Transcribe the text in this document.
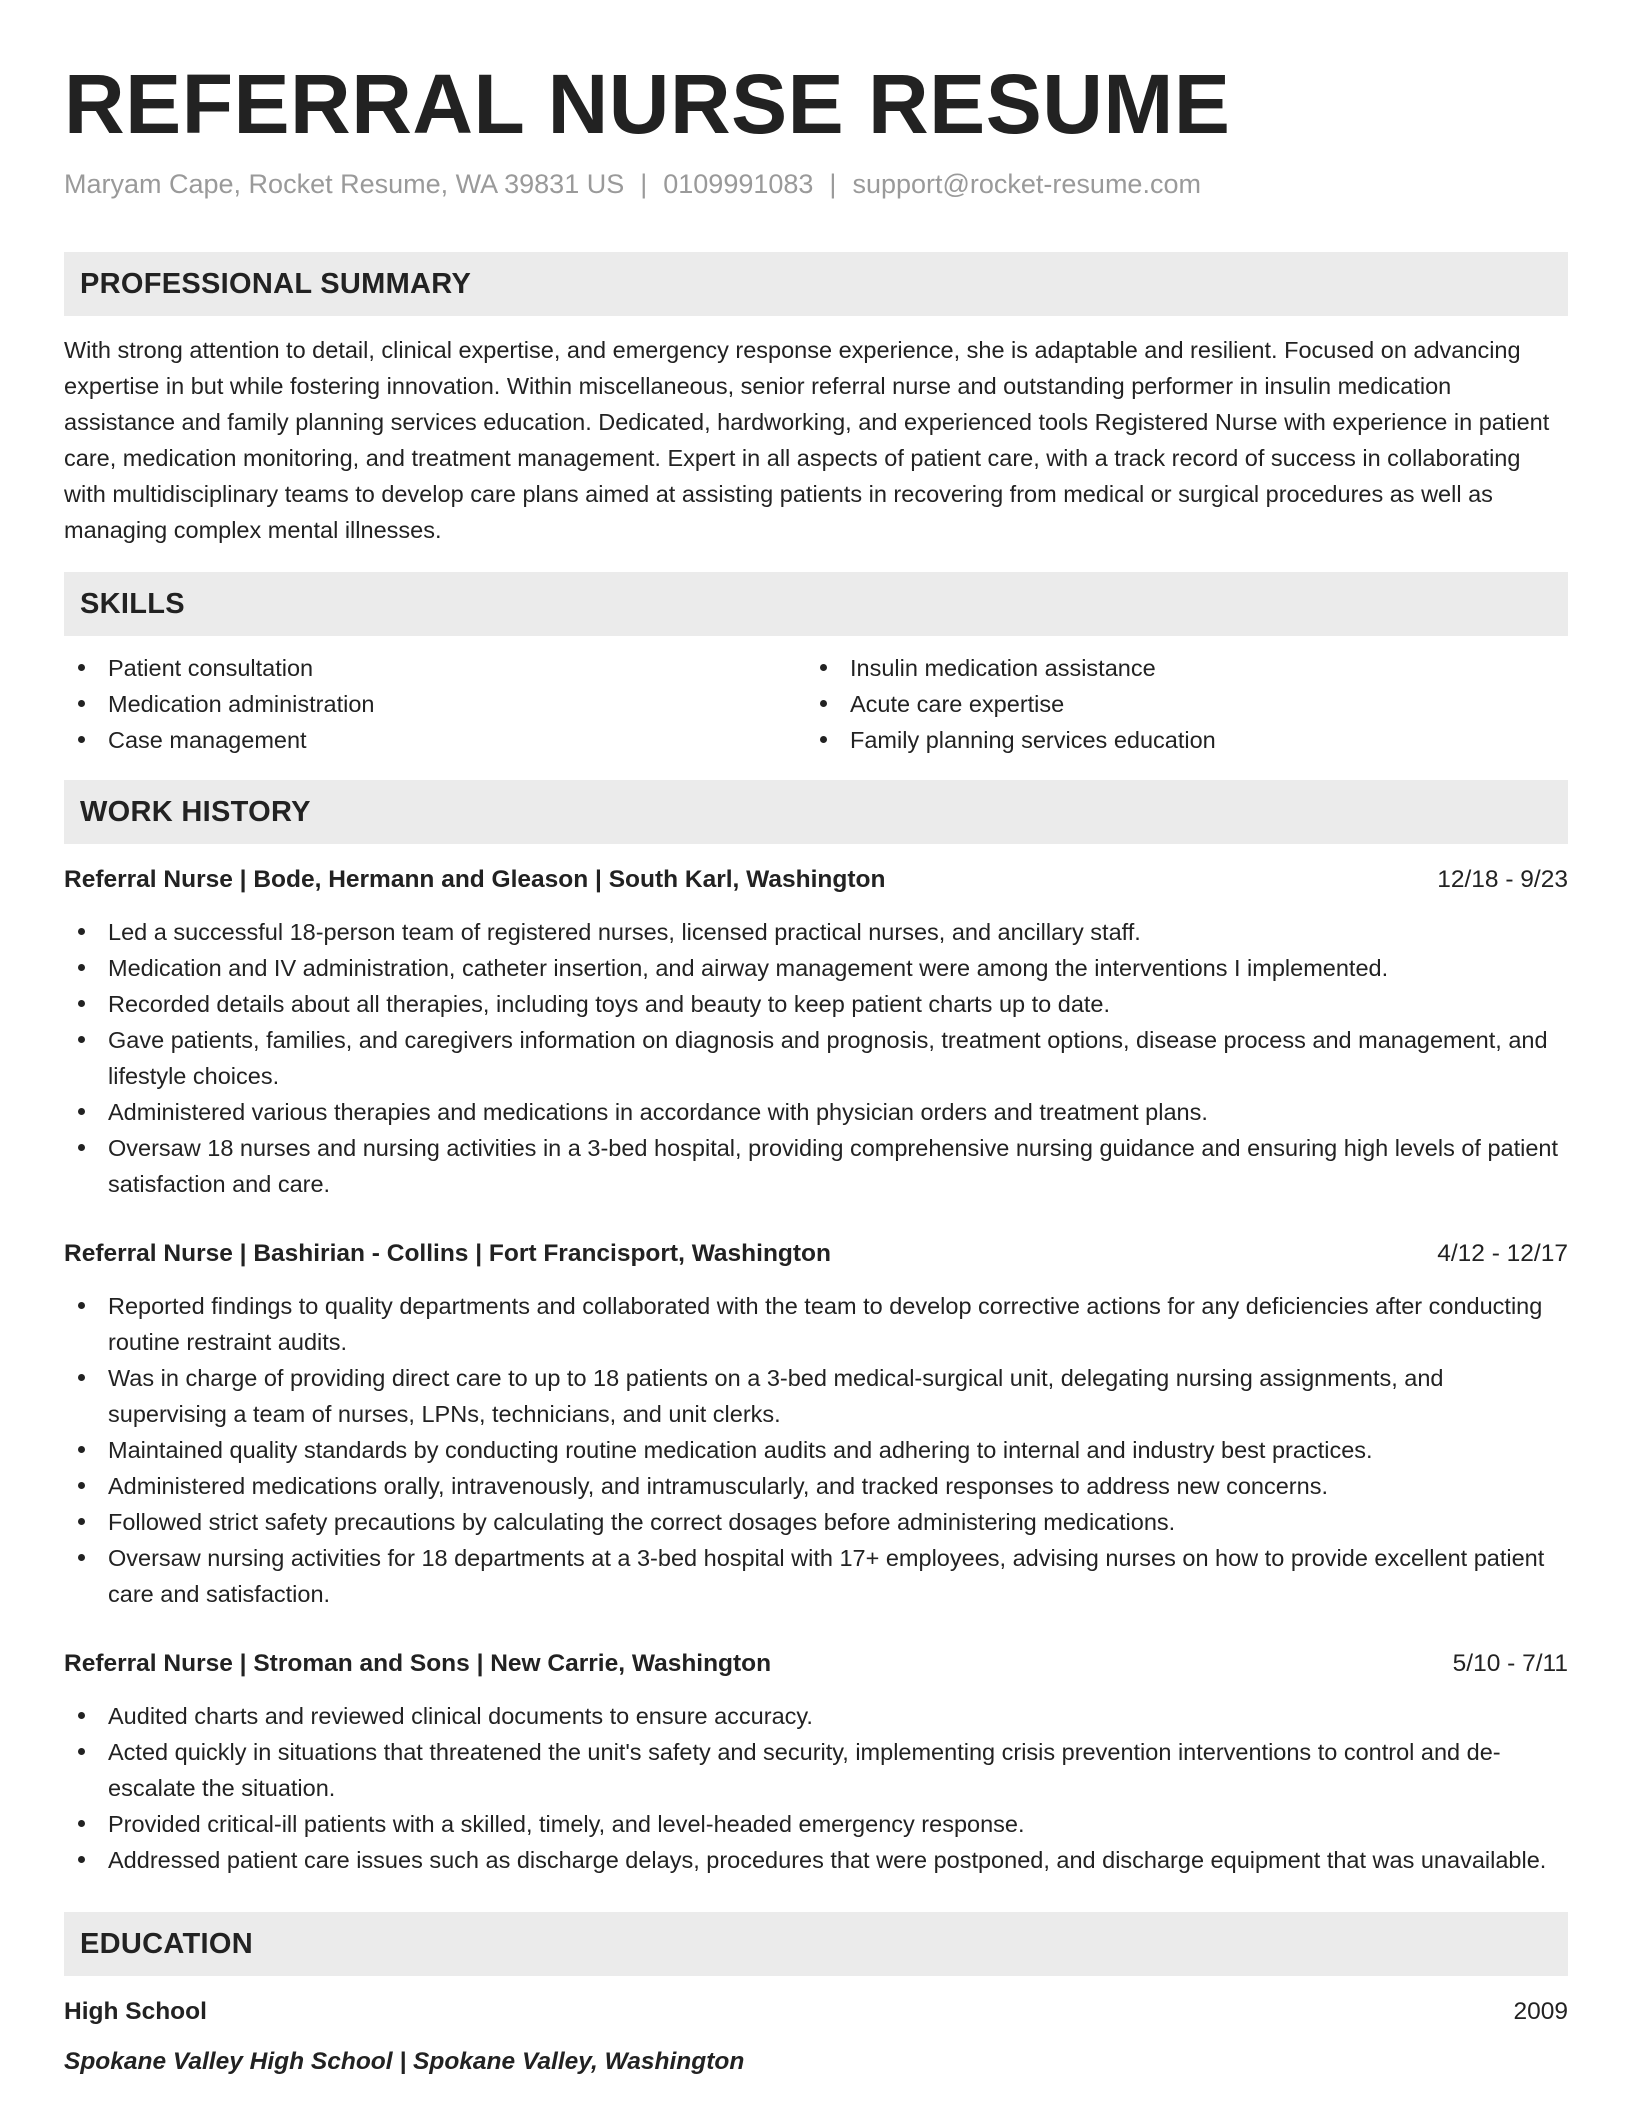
REFERRAL NURSE RESUME
Maryam Cape, Rocket Resume, WA 39831 US | 0109991083 | support@rocket-resume.com
PROFESSIONAL SUMMARY

With strong attention to detail, clinical expertise, and emergency response experience, she is adaptable and resilient. Focused on advancing expertise in but while fostering innovation. Within miscellaneous, senior referral nurse and outstanding performer in insulin medication assistance and family planning services education. Dedicated, hardworking, and experienced tools Registered Nurse with experience in patient care, medication monitoring, and treatment management. Expert in all aspects of patient care, with a track record of success in collaborating with multidisciplinary teams to develop care plans aimed at assisting patients in recovering from medical or surgical procedures as well as managing complex mental illnesses.

SKILLS
Patient consultation
Medication administration
Case management
Insulin medication assistance
Acute care expertise
Family planning services education
WORK HISTORY
Referral Nurse | Bode, Hermann and Gleason | South Karl, Washington	12/18 - 9/23
Led a successful 18-person team of registered nurses, licensed practical nurses, and ancillary staff.
Medication and IV administration, catheter insertion, and airway management were among the interventions I implemented.
Recorded details about all therapies, including toys and beauty to keep patient charts up to date.
Gave patients, families, and caregivers information on diagnosis and prognosis, treatment options, disease process and management, and lifestyle choices.
Administered various therapies and medications in accordance with physician orders and treatment plans.
Oversaw 18 nurses and nursing activities in a 3-bed hospital, providing comprehensive nursing guidance and ensuring high levels of patient satisfaction and care.
Referral Nurse | Bashirian - Collins | Fort Francisport, Washington	4/12 - 12/17
Reported findings to quality departments and collaborated with the team to develop corrective actions for any deficiencies after conducting routine restraint audits.
Was in charge of providing direct care to up to 18 patients on a 3-bed medical-surgical unit, delegating nursing assignments, and supervising a team of nurses, LPNs, technicians, and unit clerks.
Maintained quality standards by conducting routine medication audits and adhering to internal and industry best practices.
Administered medications orally, intravenously, and intramuscularly, and tracked responses to address new concerns.
Followed strict safety precautions by calculating the correct dosages before administering medications.
Oversaw nursing activities for 18 departments at a 3-bed hospital with 17+ employees, advising nurses on how to provide excellent patient care and satisfaction.
Referral Nurse | Stroman and Sons | New Carrie, Washington	5/10 - 7/11
Audited charts and reviewed clinical documents to ensure accuracy.
Acted quickly in situations that threatened the unit's safety and security, implementing crisis prevention interventions to control and de-escalate the situation.
Provided critical-ill patients with a skilled, timely, and level-headed emergency response.
Addressed patient care issues such as discharge delays, procedures that were postponed, and discharge equipment that was unavailable.
EDUCATION
High School	2009
Spokane Valley High School | Spokane Valley, Washington
